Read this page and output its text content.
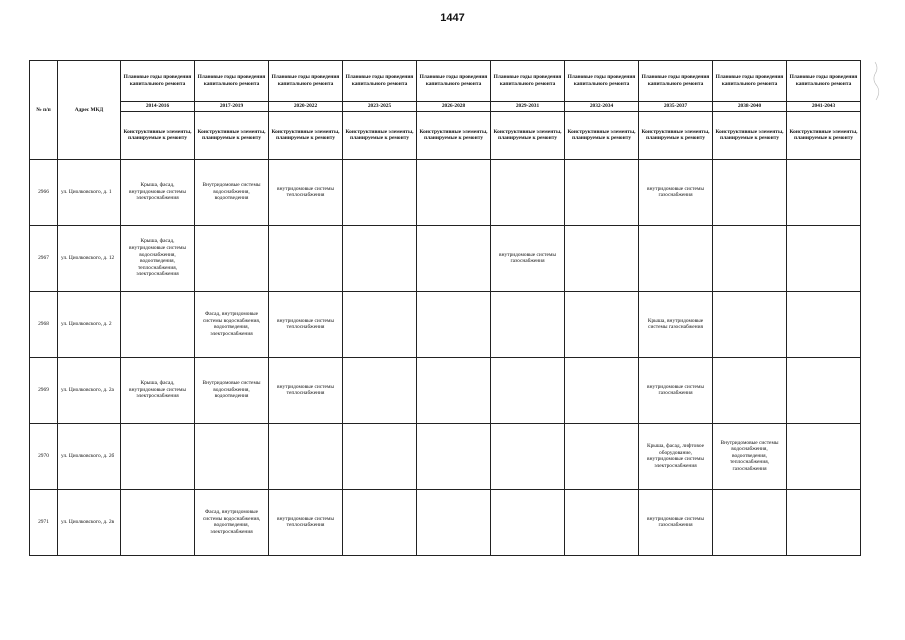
1447
№ п/п	Адрес МКД	Плановые годы проведения капитального ремонта	Плановые годы проведения капитального ремонта	Плановые годы проведения капитального ремонта	Плановые годы проведения капитального ремонта	Плановые годы проведения капитального ремонта	Плановые годы проведения капитального ремонта	Плановые годы проведения капитального ремонта	Плановые годы проведения капитального ремонта	Плановые годы проведения капитального ремонта	Плановые годы проведения капитального ремонта
		2014-2016	2017-2019	2020-2022	2023-2025	2026-2028	2029-2031	2032-2034	2035-2037	2038-2040	2041-2043
		Конструктивные элементы, планируемые к ремонту	Конструктивные элементы, планируемые к ремонту	Конструктивные элементы, планируемые к ремонту	Конструктивные элементы, планируемые к ремонту	Конструктивные элементы, планируемые к ремонту	Конструктивные элементы, планируемые к ремонту	Конструктивные элементы, планируемые к ремонту	Конструктивные элементы, планируемые к ремонту	Конструктивные элементы, планируемые к ремонту	Конструктивные элементы, планируемые к ремонту
2966	ул. Циолковского, д. 1	Крыша, фасад, внутридомовые системы электроснабжения	Внутридомовые системы водоснабжения, водоотведения	внутридомовые системы теплоснабжения					внутридомовые системы газоснабжения		
2967	ул. Циолковского, д. 12	Крыша, фасад, внутридомовые системы водоснабжения, водоотведения, теплоснабжения, электроснабжения					внутридомовые системы газоснабжения				
2968	ул. Циолковского, д. 2		Фасад, внутридомовые системы водоснабжения, водоотведения, электроснабжения	внутридомовые системы теплоснабжения					Крыша, внутридомовые системы газоснабжения		
2969	ул. Циолковского, д. 2а	Крыша, фасад, внутридомовые системы электроснабжения	Внутридомовые системы водоснабжения, водоотведения	внутридомовые системы теплоснабжения					внутридомовые системы газоснабжения		
2970	ул. Циолковского, д. 2б								Крыша, фасад, лифтовое оборудование, внутридомовые системы электроснабжения	Внутридомовые системы водоснабжения, водоотведения, теплоснабжения, газоснабжения	
2971	ул. Циолковского, д. 2в		Фасад, внутридомовые системы водоснабжения, водоотведения, электроснабжения	внутридомовые системы теплоснабжения					внутридомовые системы газоснабжения		
